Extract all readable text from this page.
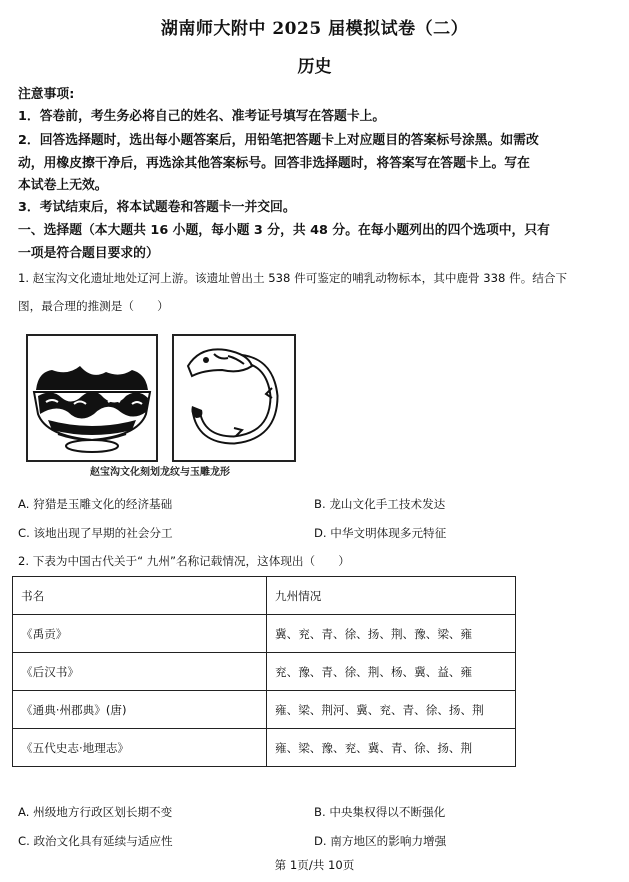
湖南师大附中 2025 届模拟试卷（二）
历史
注意事项:
1．答卷前，考生务必将自己的姓名、准考证号填写在答题卡上。
2．回答选择题时，选出每小题答案后，用铅笔把答题卡上对应题目的答案标号涂黑。如需改
动，用橡皮擦干净后，再选涂其他答案标号。回答非选择题时，将答案写在答题卡上。写在
本试卷上无效。
3．考试结束后，将本试题卷和答题卡一并交回。
一、选择题（本大题共 16 小题，每小题 3 分，共 48 分。在每小题列出的四个选项中，只有
一项是符合题目要求的）
1. 赵宝沟文化遗址地处辽河上游。该遗址曾出土 538 件可鉴定的哺乳动物标本，其中鹿骨 338 件。结合下
图，最合理的推测是（　　）
赵宝沟文化刻划龙纹与玉雕龙形
A. 狩猎是玉雕文化的经济基础	B. 龙山文化手工技术发达
C. 该地出现了早期的社会分工	D. 中华文明体现多元特征
2. 下表为中国古代关于“ 九州”名称记载情况，这体现出（　　）
书名	九州情况
《禹贡》	冀、兖、青、徐、扬、荆、豫、梁、雍
《后汉书》	兖、豫、青、徐、荆、杨、冀、益、雍
《通典·州郡典》(唐)	雍、梁、荆河、冀、兖、青、徐、扬、荆
《五代史志·地理志》	雍、梁、豫、兖、冀、青、徐、扬、荆
A. 州级地方行政区划长期不变	B. 中央集权得以不断强化
C. 政治文化具有延续与适应性	D. 南方地区的影响力增强
第 1页/共 10页
